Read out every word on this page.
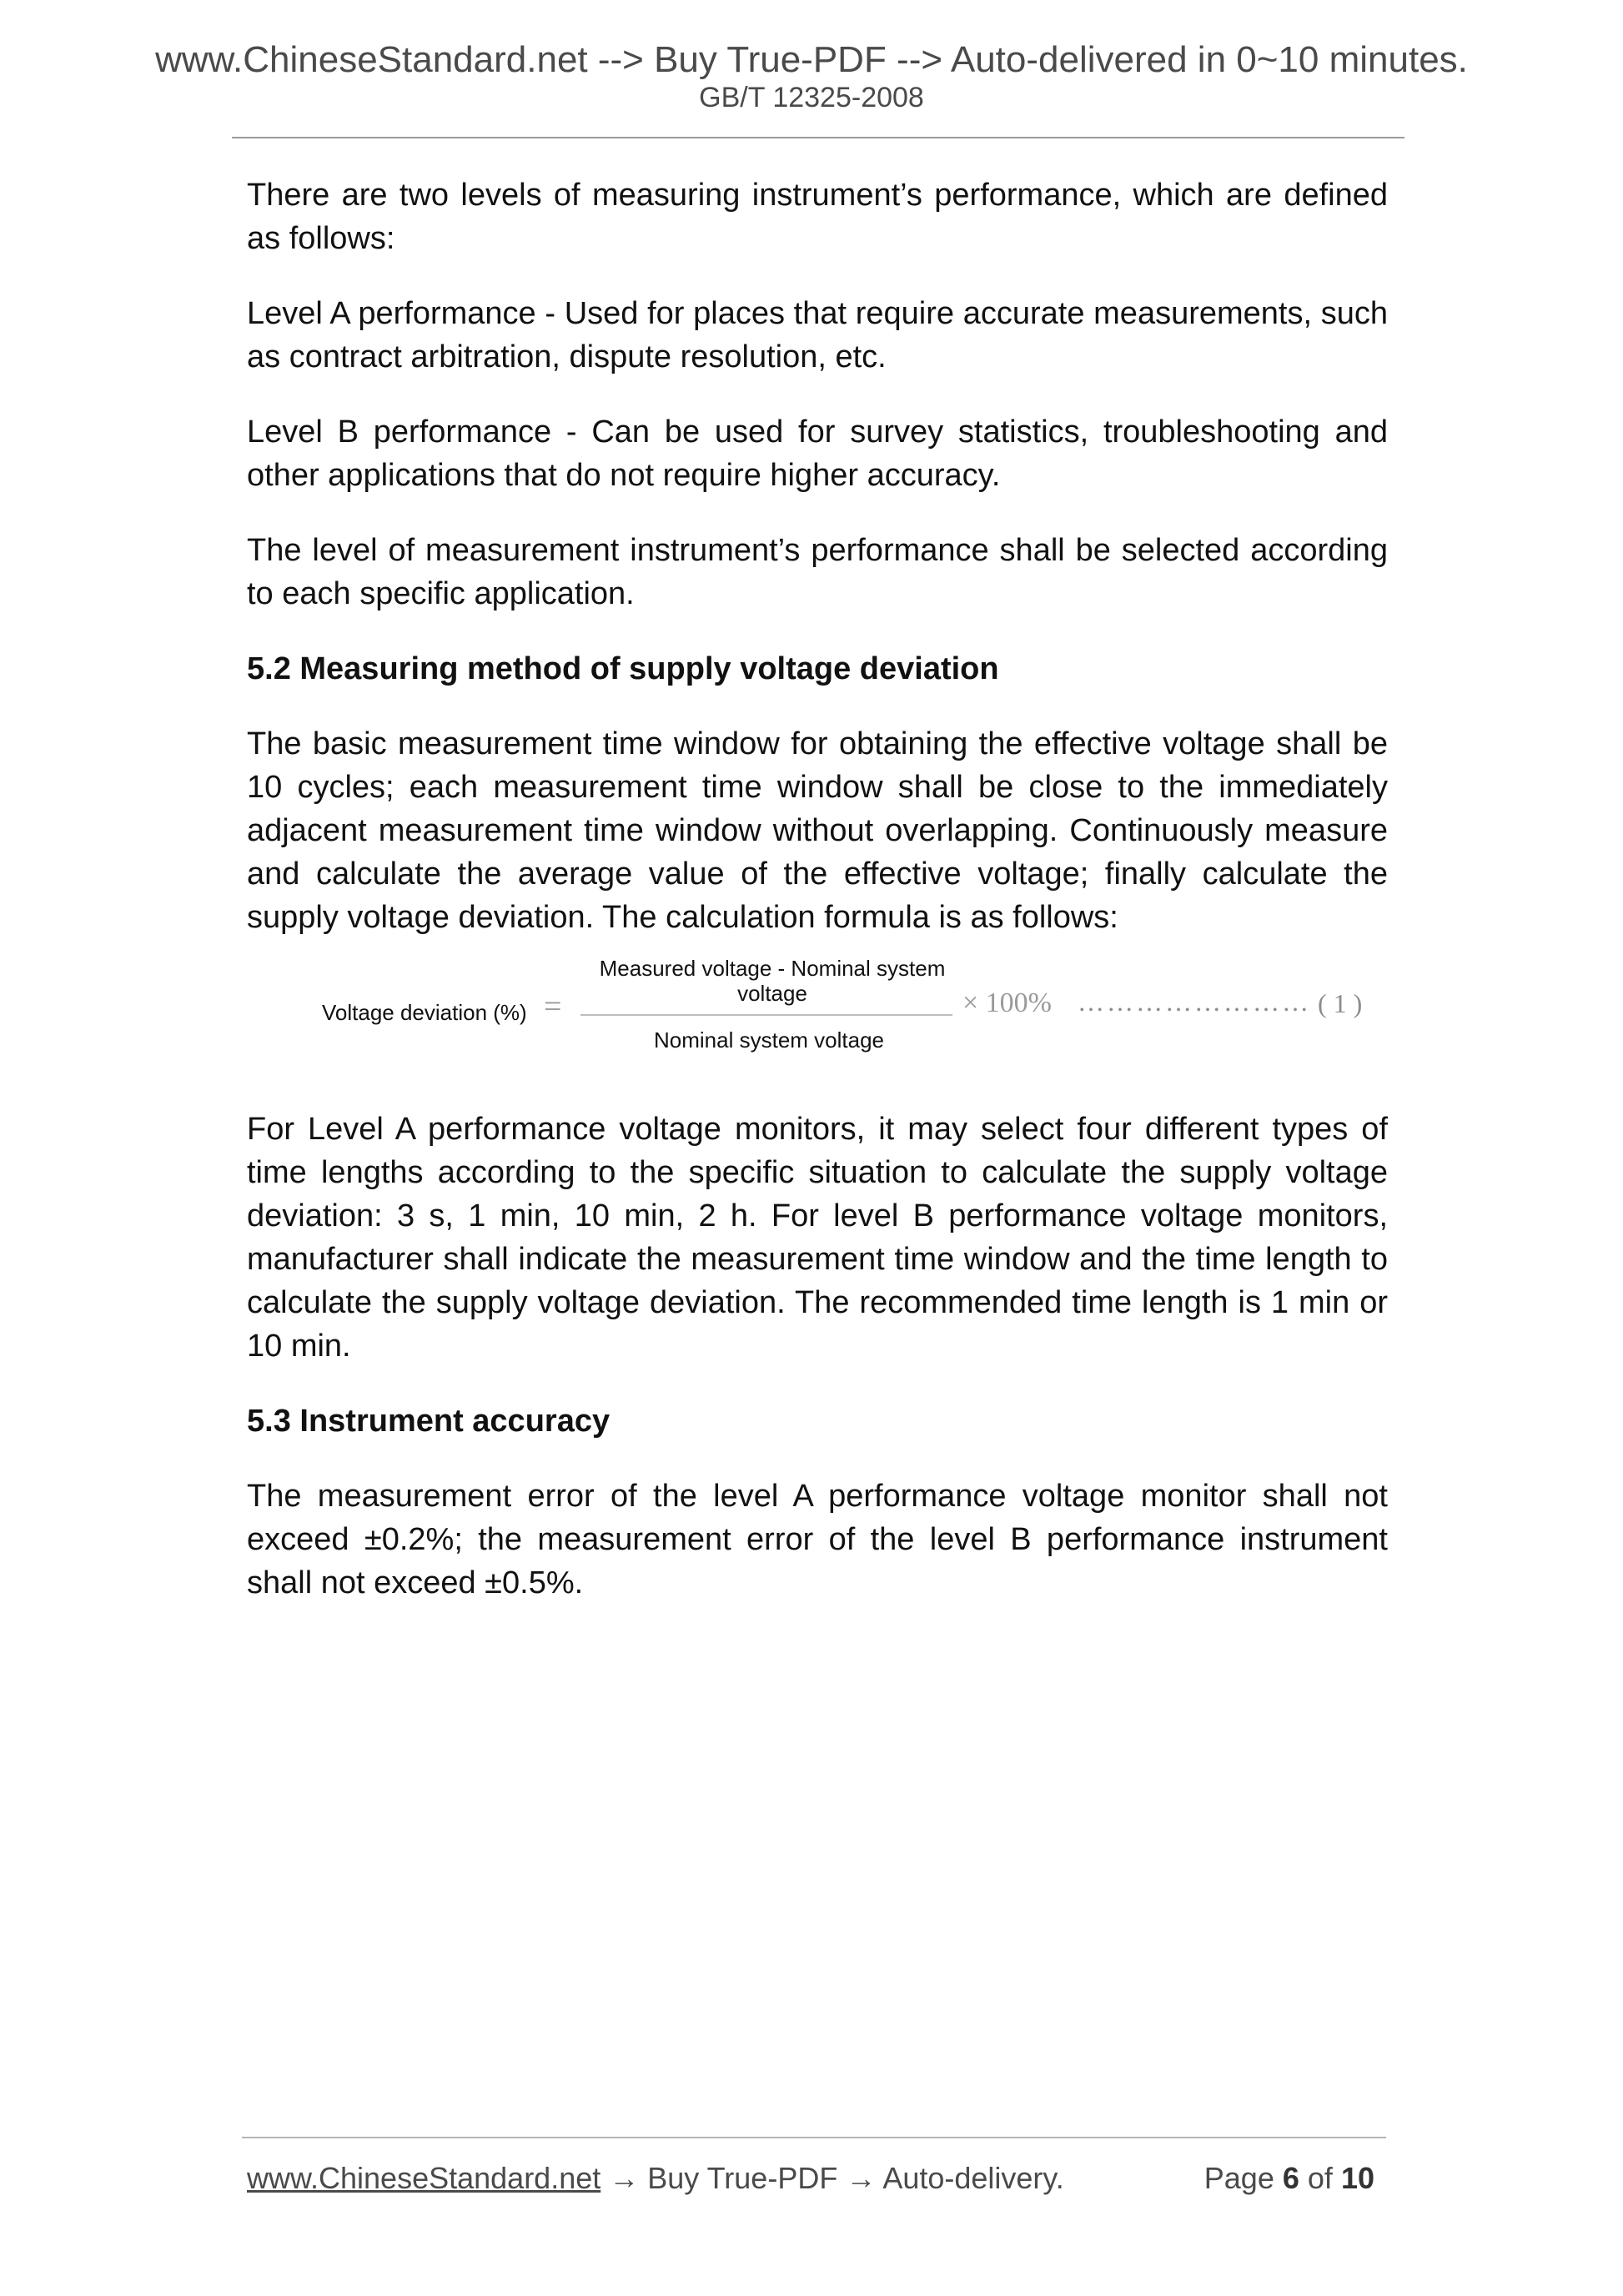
www.ChineseStandard.net --> Buy True-PDF --> Auto-delivered in 0~10 minutes.
GB/T 12325-2008

There are two levels of measuring instrument’s performance, which are defined as follows:

Level A performance - Used for places that require accurate measurements, such as contract arbitration, dispute resolution, etc.

Level B performance - Can be used for survey statistics, troubleshooting and other applications that do not require higher accuracy.

The level of measurement instrument’s performance shall be selected according to each specific application.

5.2 Measuring method of supply voltage deviation

The basic measurement time window for obtaining the effective voltage shall be 10 cycles; each measurement time window shall be close to the immediately adjacent measurement time window without overlapping. Continuously measure and calculate the average value of the effective voltage; finally calculate the supply voltage deviation. The calculation formula is as follows:

Voltage deviation (%) =
Measured voltage - Nominal system voltage
Nominal system voltage
× 100% …………………… ( 1 )

For Level A performance voltage monitors, it may select four different types of time lengths according to the specific situation to calculate the supply voltage deviation: 3 s, 1 min, 10 min, 2 h. For level B performance voltage monitors, manufacturer shall indicate the measurement time window and the time length to calculate the supply voltage deviation. The recommended time length is 1 min or 10 min.

5.3 Instrument accuracy

The measurement error of the level A performance voltage monitor shall not exceed ±0.2%; the measurement error of the level B performance instrument shall not exceed ±0.5%.

www.ChineseStandard.net → Buy True-PDF → Auto-delivery.	Page 6 of 10
